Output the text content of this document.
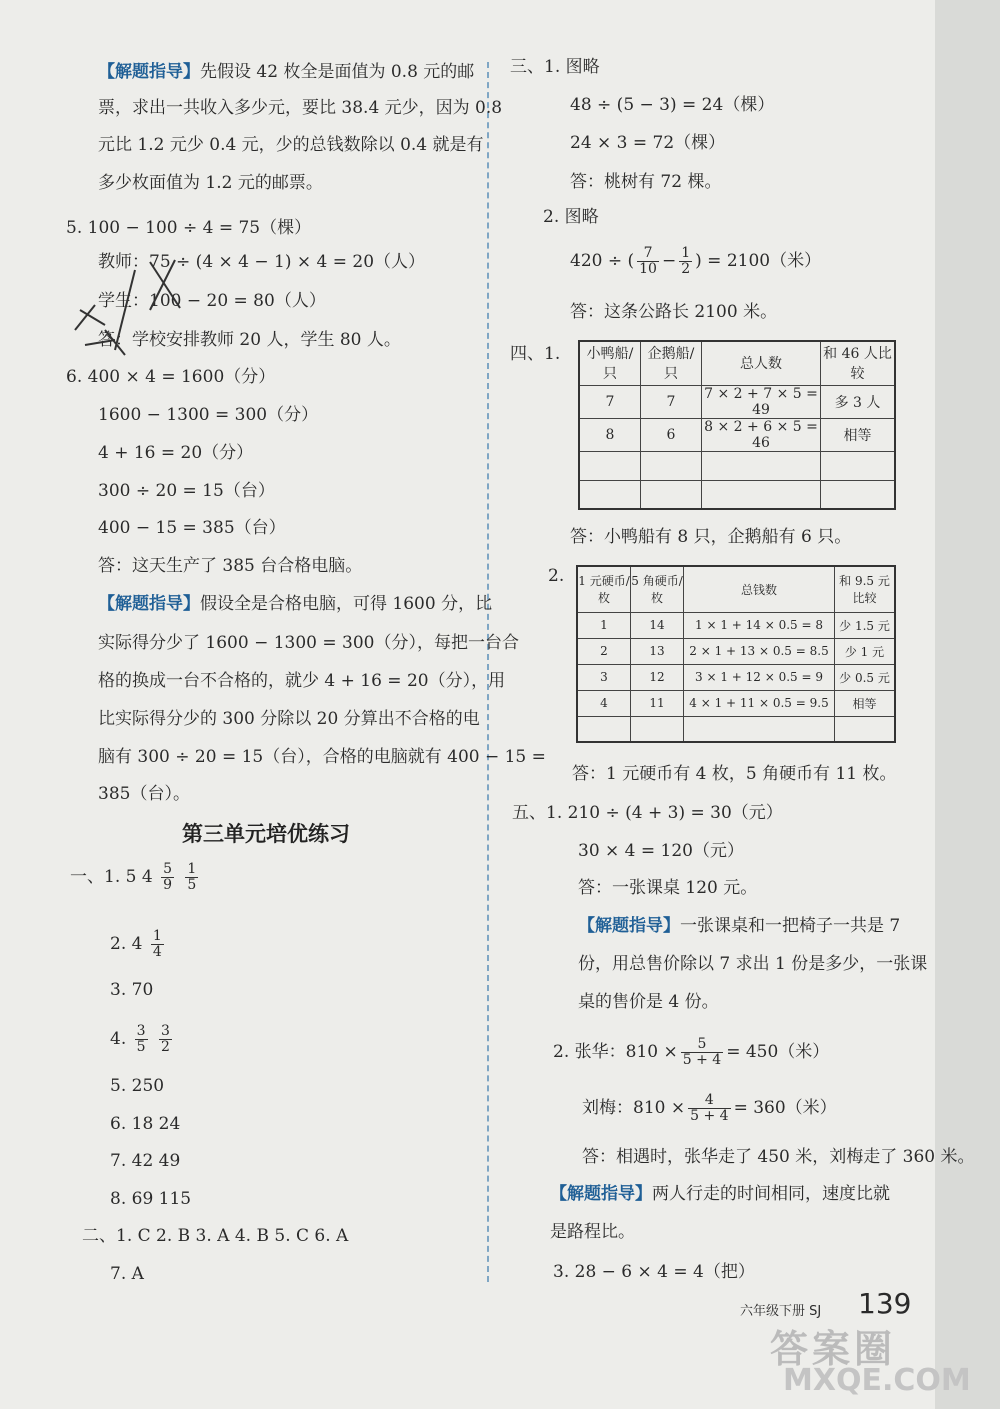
【解题指导】先假设 42 枚全是面值为 0.8 元的邮
票，求出一共收入多少元，要比 38.4 元少，因为 0.8
元比 1.2 元少 0.4 元，少的总钱数除以 0.4 就是有
多少枚面值为 1.2 元的邮票。
5. 100 − 100 ÷ 4 = 75（棵）
教师：75 ÷ (4 × 4 − 1) × 4 = 20（人）
学生：100 − 20 = 80（人）
答：学校安排教师 20 人，学生 80 人。
6. 400 × 4 = 1600（分）
1600 − 1300 = 300（分）
4 + 16 = 20（分）
300 ÷ 20 = 15（台）
400 − 15 = 385（台）
答：这天生产了 385 台合格电脑。
【解题指导】假设全是合格电脑，可得 1600 分，比
实际得分少了 1600 − 1300 = 300（分），每把一台合
格的换成一台不合格的，就少 4 + 16 = 20（分），用
比实际得分少的 300 分除以 20 分算出不合格的电
脑有 300 ÷ 20 = 15（台），合格的电脑就有 400 − 15 =
385（台）。
第三单元培优练习
一、1. 5 $4 \frac{5}{9}$
$\frac{1}{5}$
2. $4 \frac{1}{4}$
3. 70
4. $\frac{3}{5}$
$\frac{3}{2}$
5. 250
6. 18 24
7. 42 49
8. 69 115
二、1. C 2. B 3. A 4. B 5. C 6. A
7. A
三、1. 图略
48 ÷ (5 − 3) = 24（棵）
24 × 3 = 72（棵）
答：桃树有 72 棵。
2. 图略
420 ÷ ( $\frac{7}{10} - \frac{1}{2}$ ) = 2100（米）
答：这条公路长 2100 米。
四、1. 小鸭船/只	企鹅船/只	总人数	和 46 人比较
7	7	7 × 2 + 7 × 5 = 49	多 3 人
8	6	8 × 2 + 6 × 5 = 46	相等

答：小鸭船有 8 只，企鹅船有 6 只。
2. 1 元硬币/枚	5 角硬币/枚	总钱数	和 9.5 元比较
1	14	1 × 1 + 14 × 0.5 = 8	少 1.5 元
2	13	2 × 1 + 13 × 0.5 = 8.5	少 1 元
3	12	3 × 1 + 12 × 0.5 = 9	少 0.5 元
4	11	4 × 1 + 11 × 0.5 = 9.5	相等

答：1 元硬币有 4 枚，5 角硬币有 11 枚。
五、1. 210 ÷ (4 + 3) = 30（元）
30 × 4 = 120（元）
答：一张课桌 120 元。
【解题指导】一张课桌和一把椅子一共是 7
份，用总售价除以 7 求出 1 份是多少，一张课
桌的售价是 4 份。
2. 张华：$810 \times \frac{5}{5 + 4} = 450$（米）
刘梅：$810 \times \frac{4}{5 + 4} = 360$（米）
答：相遇时，张华走了 450 米，刘梅走了 360 米。
【解题指导】两人行走的时间相同，速度比就
是路程比。
3. 28 − 6 × 4 = 4（把）
六年级下册 SJ 139
答案圈
MXQE.COM
